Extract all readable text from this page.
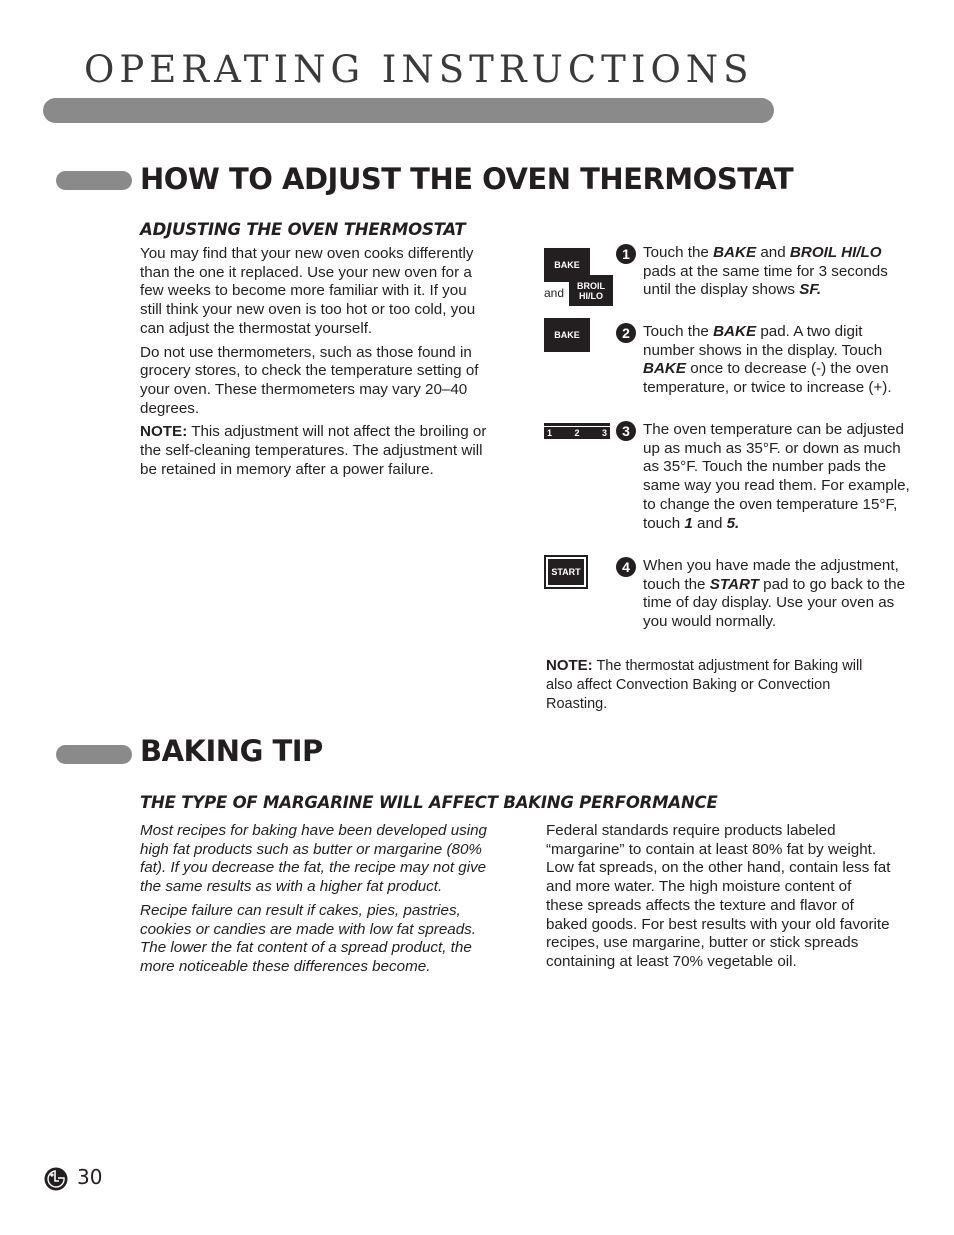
OPERATING INSTRUCTIONS
HOW TO ADJUST THE OVEN THERMOSTAT
ADJUSTING THE OVEN THERMOSTAT

You may find that your new oven cooks differently than the one it replaced. Use your new oven for a few weeks to become more familiar with it. If you still think your new oven is too hot or too cold, you can adjust the thermostat yourself.

Do not use thermometers, such as those found in grocery stores, to check the temperature setting of your oven. These thermometers may vary 20–40 degrees.

NOTE: This adjustment will not affect the broiling or the self-cleaning temperatures. The adjustment will be retained in memory after a power failure.

BAKE
and
BROIL
HI/LO
1 Touch the BAKE and BROIL HI/LO pads at the same time for 3 seconds until the display shows SF.
BAKE	2 Touch the BAKE pad. A two digit number shows in the display. Touch BAKE once to decrease (-) the oven temperature, or twice to increase (+).
1 2 3	3 The oven temperature can be adjusted up as much as 35°F. or down as much as 35°F. Touch the number pads the same way you read them. For example, to change the oven temperature 15°F, touch 1 and 5.
START	4 When you have made the adjustment, touch the START pad to go back to the time of day display. Use your oven as you would normally.
NOTE: The thermostat adjustment for Baking will also affect Convection Baking or Convection Roasting.
BAKING TIP
THE TYPE OF MARGARINE WILL AFFECT BAKING PERFORMANCE

Most recipes for baking have been developed using high fat products such as butter or margarine (80% fat). If you decrease the fat, the recipe may not give the same results as with a higher fat product.

Recipe failure can result if cakes, pies, pastries, cookies or candies are made with low fat spreads. The lower the fat content of a spread product, the more noticeable these differences become.

Federal standards require products labeled “margarine” to contain at least 80% fat by weight. Low fat spreads, on the other hand, contain less fat and more water. The high moisture content of these spreads affects the texture and flavor of baked goods. For best results with your old favorite recipes, use margarine, butter or stick spreads containing at least 70% vegetable oil.
30
